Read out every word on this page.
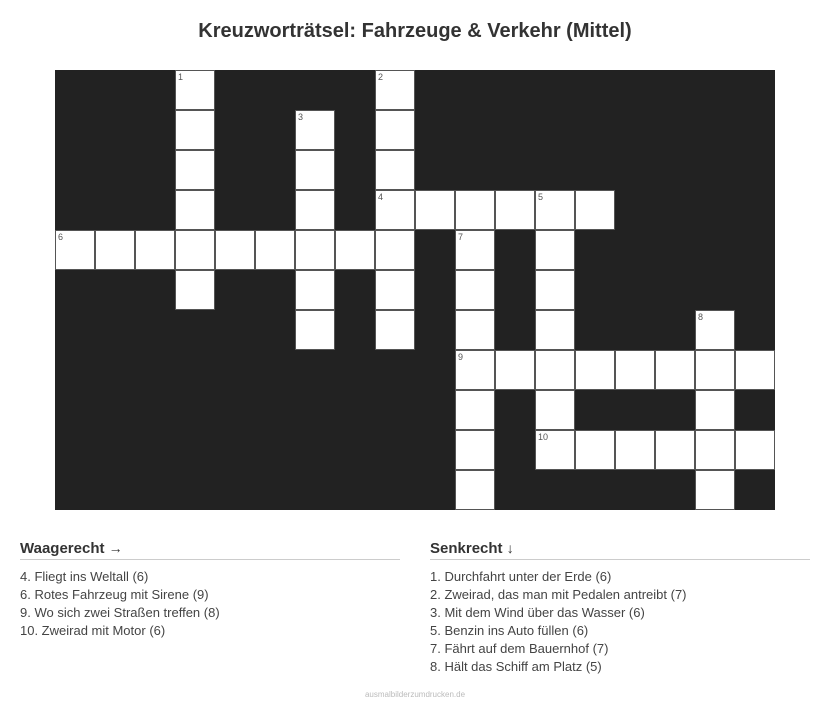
Kreuzworträtsel: Fahrzeuge & Verkehr (Mittel)
1	2
3
4	5
6	7
8
9
10
Waagerecht →
4. Fliegt ins Weltall (6)
6. Rotes Fahrzeug mit Sirene (9)
9. Wo sich zwei Straßen treffen (8)
10. Zweirad mit Motor (6)
Senkrecht ↓
1. Durchfahrt unter der Erde (6)
2. Zweirad, das man mit Pedalen antreibt (7)
3. Mit dem Wind über das Wasser (6)
5. Benzin ins Auto füllen (6)
7. Fährt auf dem Bauernhof (7)
8. Hält das Schiff am Platz (5)
ausmalbilderzumdrucken.de
